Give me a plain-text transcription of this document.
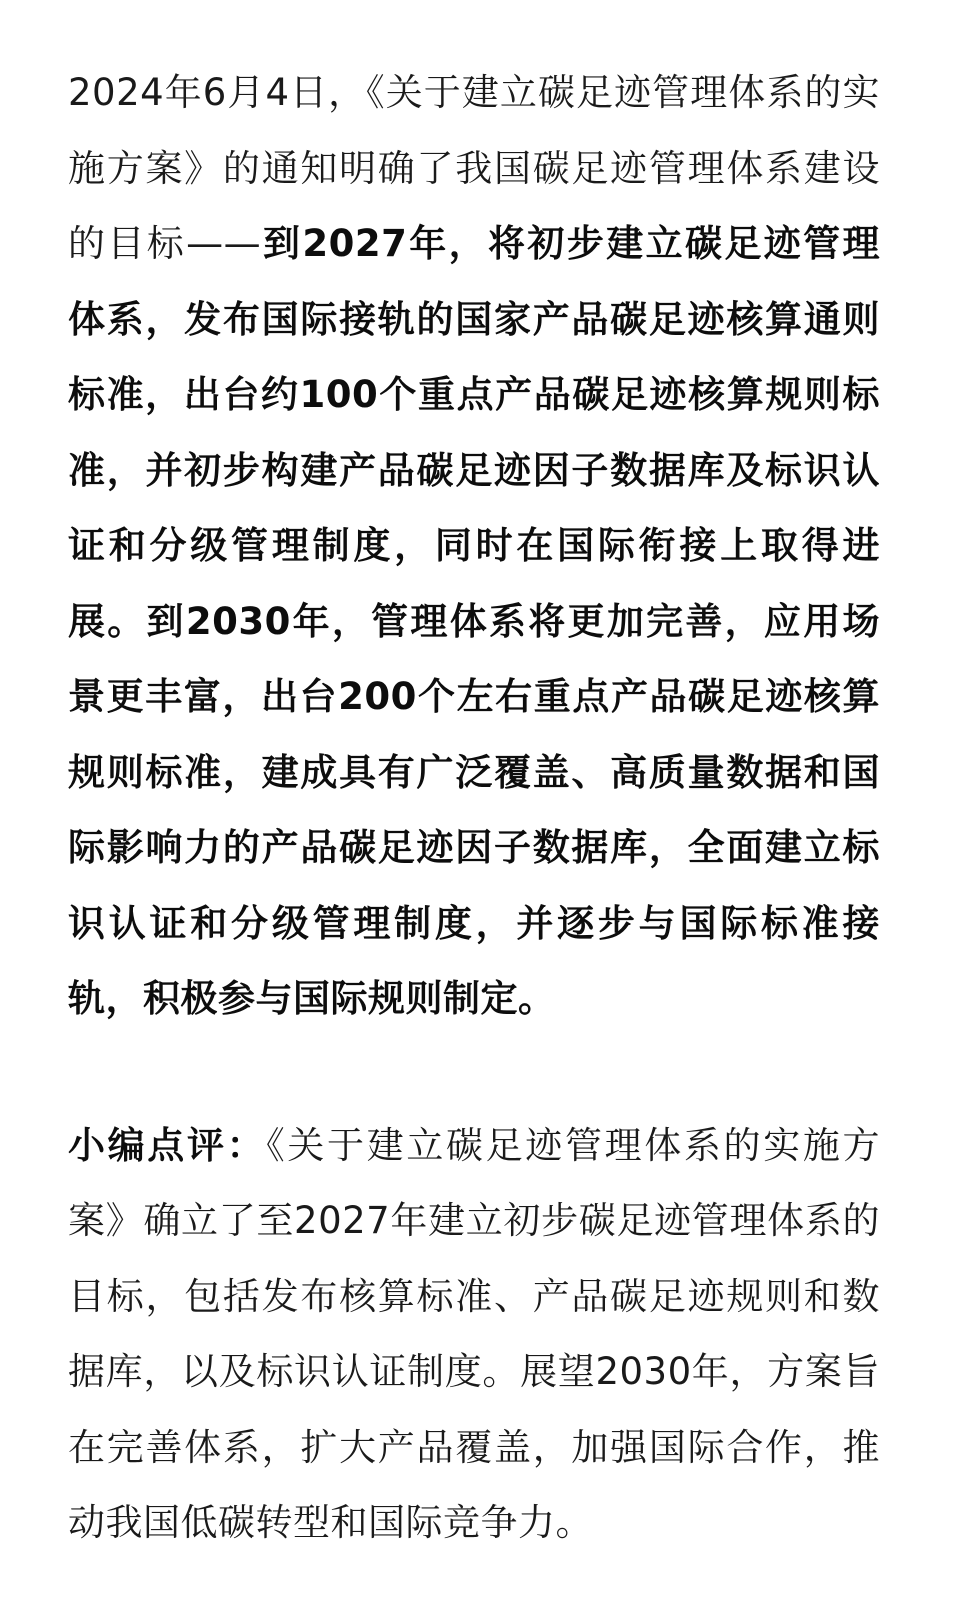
2024年6月4日，《关于建立碳足迹管理体系的实施方案》的通知明确了我国碳足迹管理体系建设的目标——到2027年，将初步建立碳足迹管理体系，发布国际接轨的国家产品碳足迹核算通则标准，出台约100个重点产品碳足迹核算规则标准，并初步构建产品碳足迹因子数据库及标识认证和分级管理制度，同时在国际衔接上取得进展。到2030年，管理体系将更加完善，应用场景更丰富，出台200个左右重点产品碳足迹核算规则标准，建成具有广泛覆盖、高质量数据和国际影响力的产品碳足迹因子数据库，全面建立标识认证和分级管理制度，并逐步与国际标准接轨，积极参与国际规则制定。

小编点评：《关于建立碳足迹管理体系的实施方案》确立了至2027年建立初步碳足迹管理体系的目标，包括发布核算标准、产品碳足迹规则和数据库，以及标识认证制度。展望2030年，方案旨在完善体系，扩大产品覆盖，加强国际合作，推动我国低碳转型和国际竞争力。
